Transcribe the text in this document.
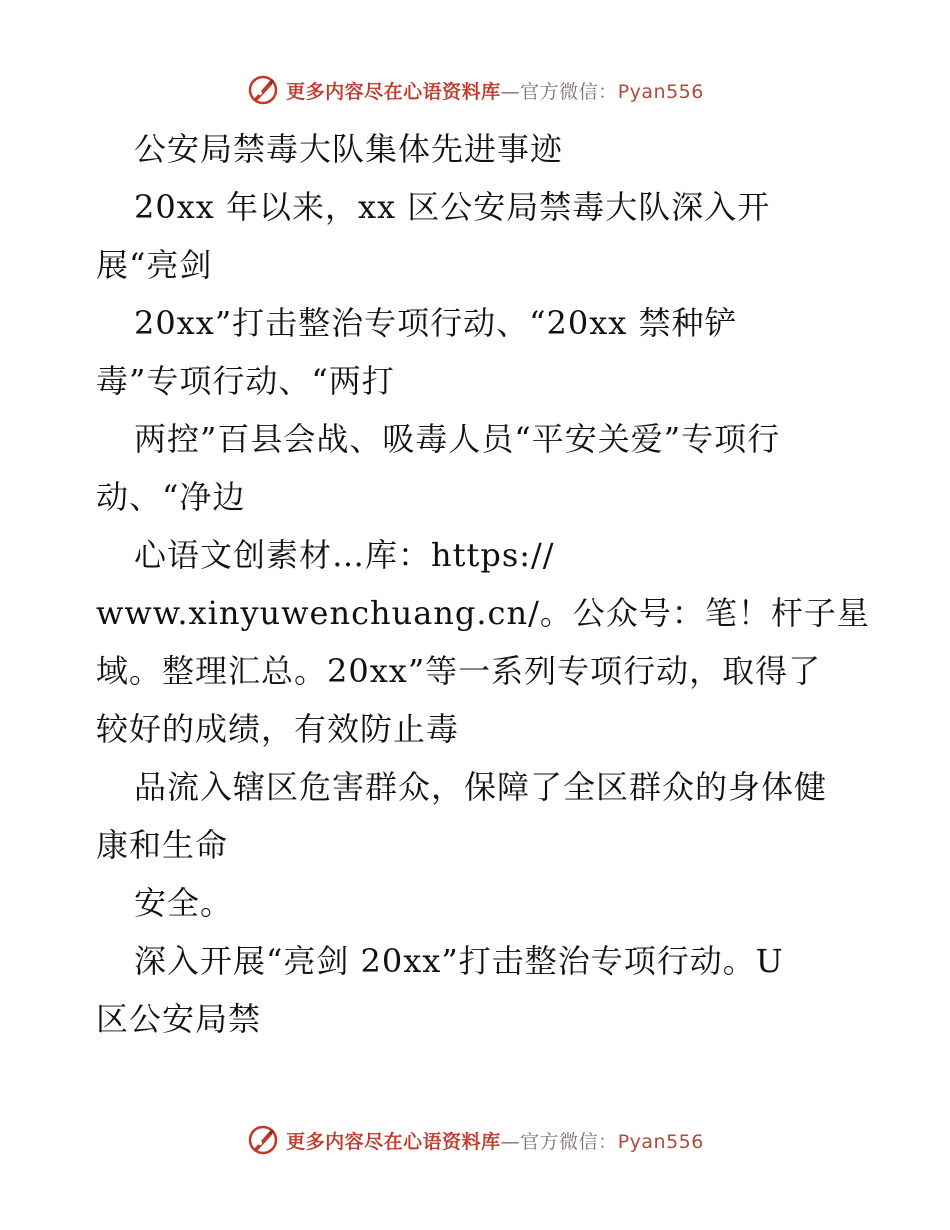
更多内容尽在心语资料库—官方微信：Pyan556
公安局禁毒大队集体先进事迹
20xx 年以来，xx 区公安局禁毒大队深入开
展“亮剑
20xx”打击整治专项行动、“20xx 禁种铲
毒”专项行动、“两打
两控”百县会战、吸毒人员“平安关爱”专项行
动、“净边
心语文创素材…库：https://
www.xinyuwenchuang.cn/。公众号：笔！杆子星
域。整理汇总。20xx”等一系列专项行动，取得了
较好的成绩，有效防止毒
品流入辖区危害群众，保障了全区群众的身体健
康和生命
安全。
深入开展“亮剑 20xx”打击整治专项行动。U
区公安局禁
更多内容尽在心语资料库—官方微信：Pyan556
